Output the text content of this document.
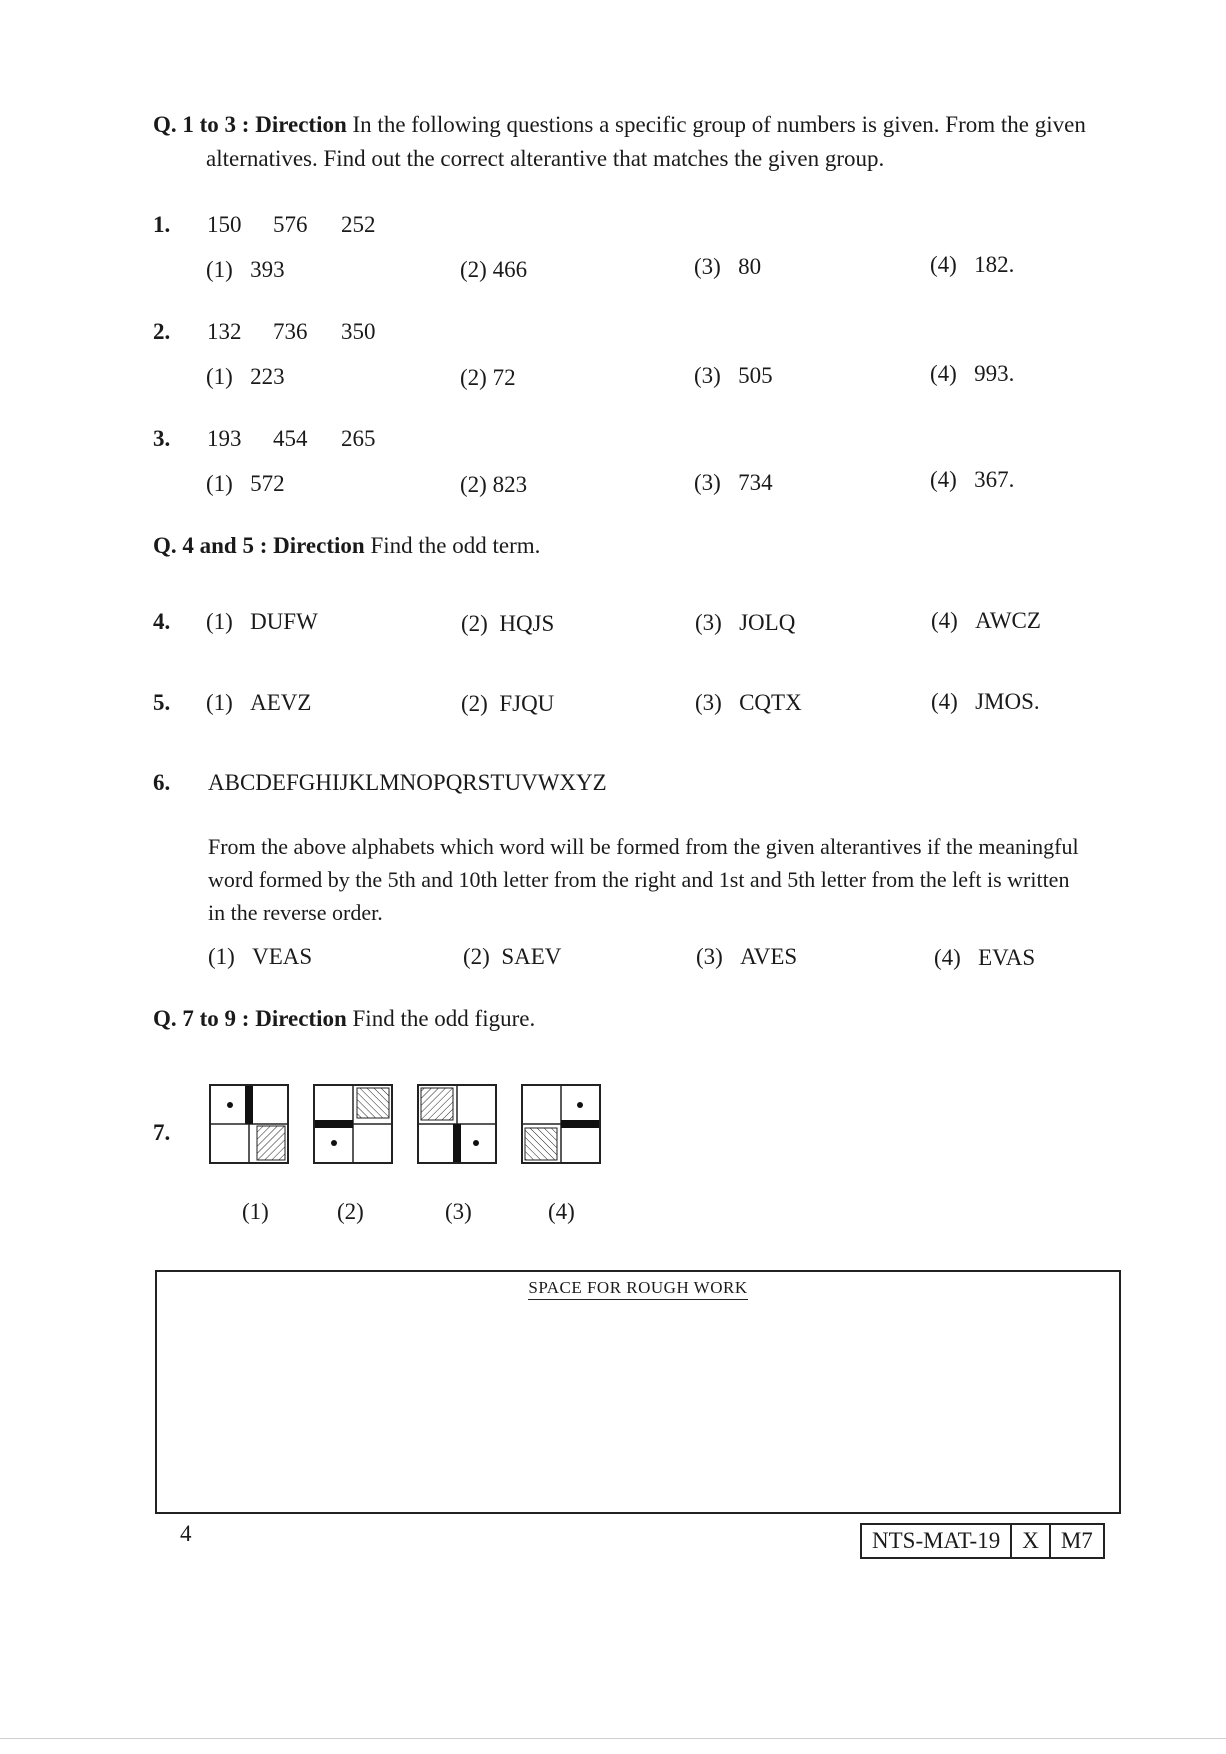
Q. 1 to 3 : Direction In the following questions a specific group of numbers is given. From the given
alternatives. Find out the correct alterantive that matches the given group.
1. 150 576 252
(1) 393	(2) 466	(3) 80	(4) 182.
2. 132 736 350
(1) 223	(2) 72	(3) 505	(4) 993.
3. 193 454 265
(1) 572	(2) 823	(3) 734	(4) 367.
Q. 4 and 5 : Direction Find the odd term.
4. (1) DUFW	(2) HQJS	(3) JOLQ	(4) AWCZ
5. (1) AEVZ	(2) FJQU	(3) CQTX	(4) JMOS.
6. ABCDEFGHIJKLMNOPQRSTUVWXYZ
From the above alphabets which word will be formed from the given alterantives if the meaningful
word formed by the 5th and 10th letter from the right and 1st and 5th letter from the left is written
in the reverse order.
(1) VEAS	(2) SAEV	(3) AVES	(4) EVAS
Q. 7 to 9 : Direction Find the odd figure.
7.
(1)	(2)	(3)	(4)
SPACE FOR ROUGH WORK
4	NTS-MAT-19 X M7
